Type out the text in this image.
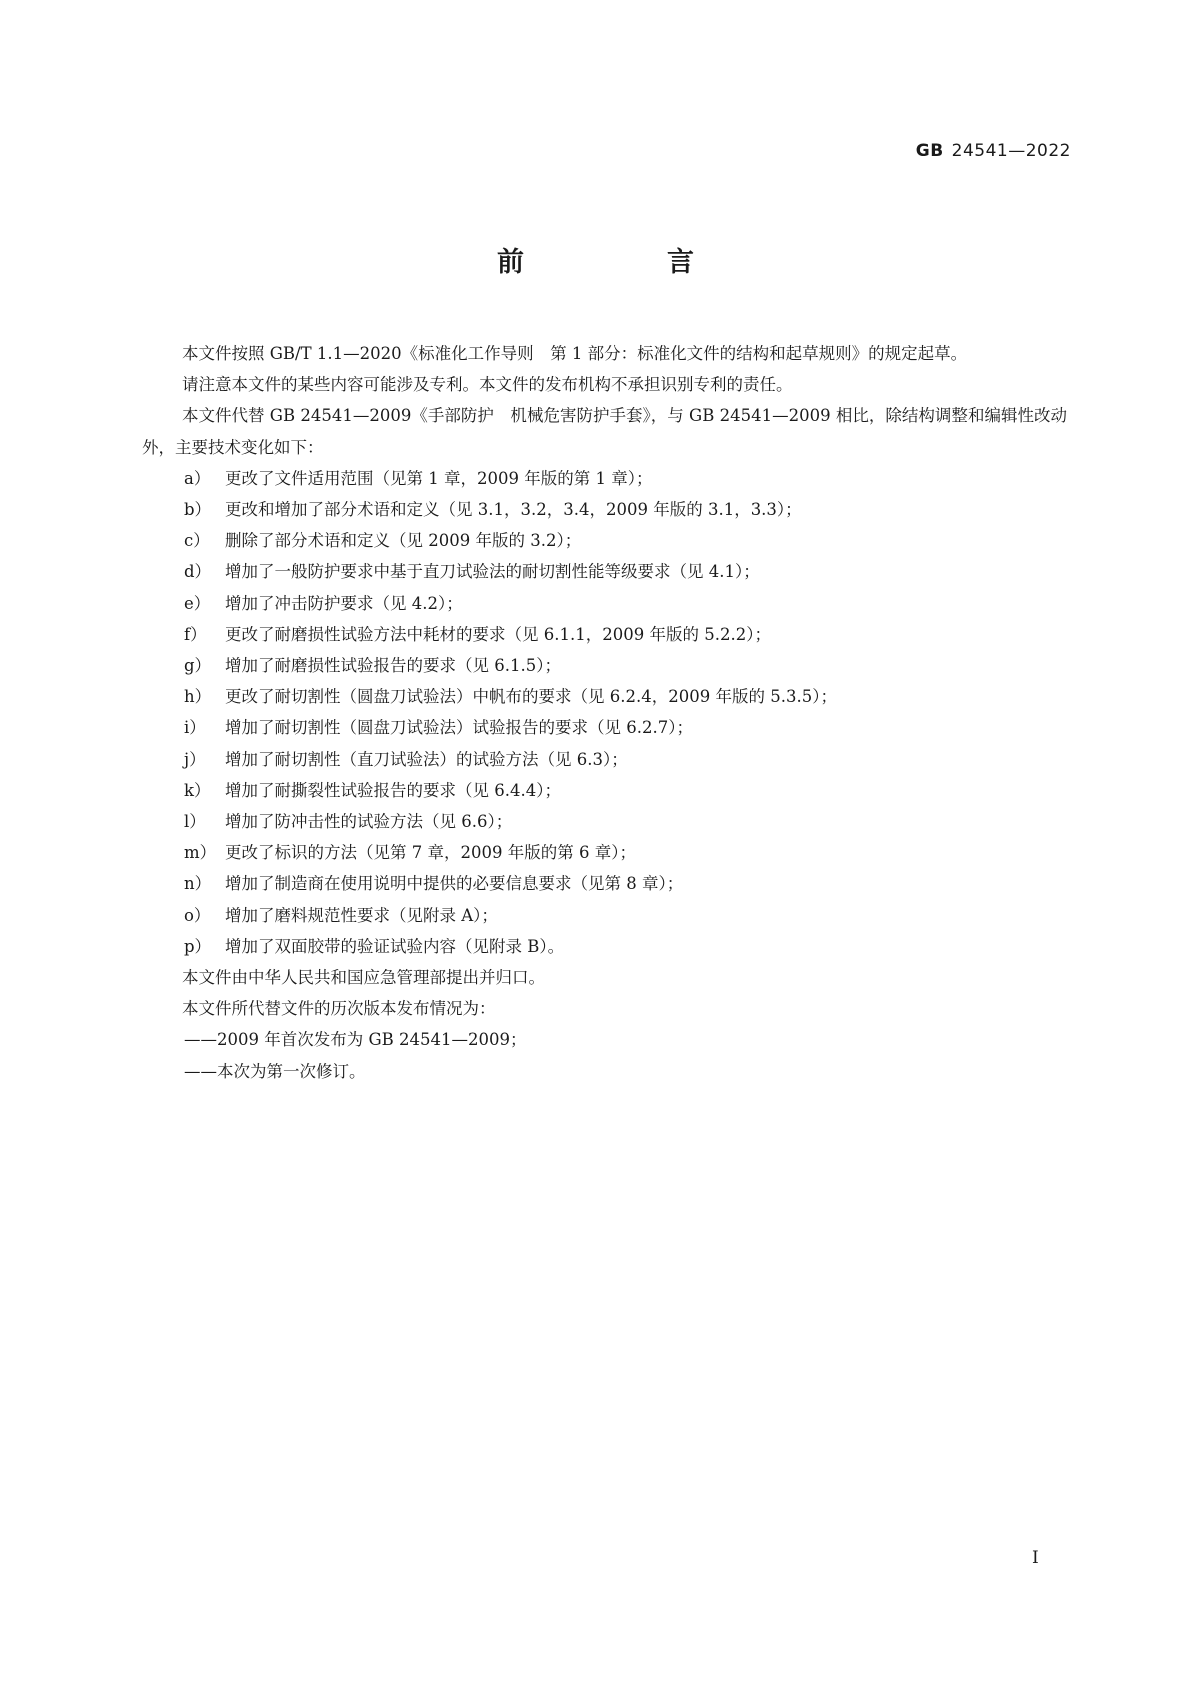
GB 24541—2022
前　言

本文件按照 GB/T 1.1—2020《标准化工作导则　第 1 部分：标准化文件的结构和起草规则》的规定起草。

请注意本文件的某些内容可能涉及专利。本文件的发布机构不承担识别专利的责任。

本文件代替 GB 24541—2009《手部防护　机械危害防护手套》，与 GB 24541—2009 相比，除结构调整和编辑性改动外，主要技术变化如下：

a） 更改了文件适用范围（见第 1 章，2009 年版的第 1 章）；

b） 更改和增加了部分术语和定义（见 3.1，3.2，3.4，2009 年版的 3.1，3.3）；

c） 删除了部分术语和定义（见 2009 年版的 3.2）；

d） 增加了一般防护要求中基于直刀试验法的耐切割性能等级要求（见 4.1）；

e） 增加了冲击防护要求（见 4.2）；

f）	更改了耐磨损性试验方法中耗材的要求（见 6.1.1，2009 年版的 5.2.2）；

g） 增加了耐磨损性试验报告的要求（见 6.1.5）；

h） 更改了耐切割性（圆盘刀试验法）中帆布的要求（见 6.2.4，2009 年版的 5.3.5）；

i）	增加了耐切割性（圆盘刀试验法）试验报告的要求（见 6.2.7）；

j）	增加了耐切割性（直刀试验法）的试验方法（见 6.3）；

k） 增加了耐撕裂性试验报告的要求（见 6.4.4）；

l）	增加了防冲击性的试验方法（见 6.6）；

m） 更改了标识的方法（见第 7 章，2009 年版的第 6 章）；

n） 增加了制造商在使用说明中提供的必要信息要求（见第 8 章）；

o） 增加了磨料规范性要求（见附录 A）；

p） 增加了双面胶带的验证试验内容（见附录 B）。

本文件由中华人民共和国应急管理部提出并归口。

本文件所代替文件的历次版本发布情况为：

——2009 年首次发布为 GB 24541—2009；

——本次为第一次修订。

Ⅰ
